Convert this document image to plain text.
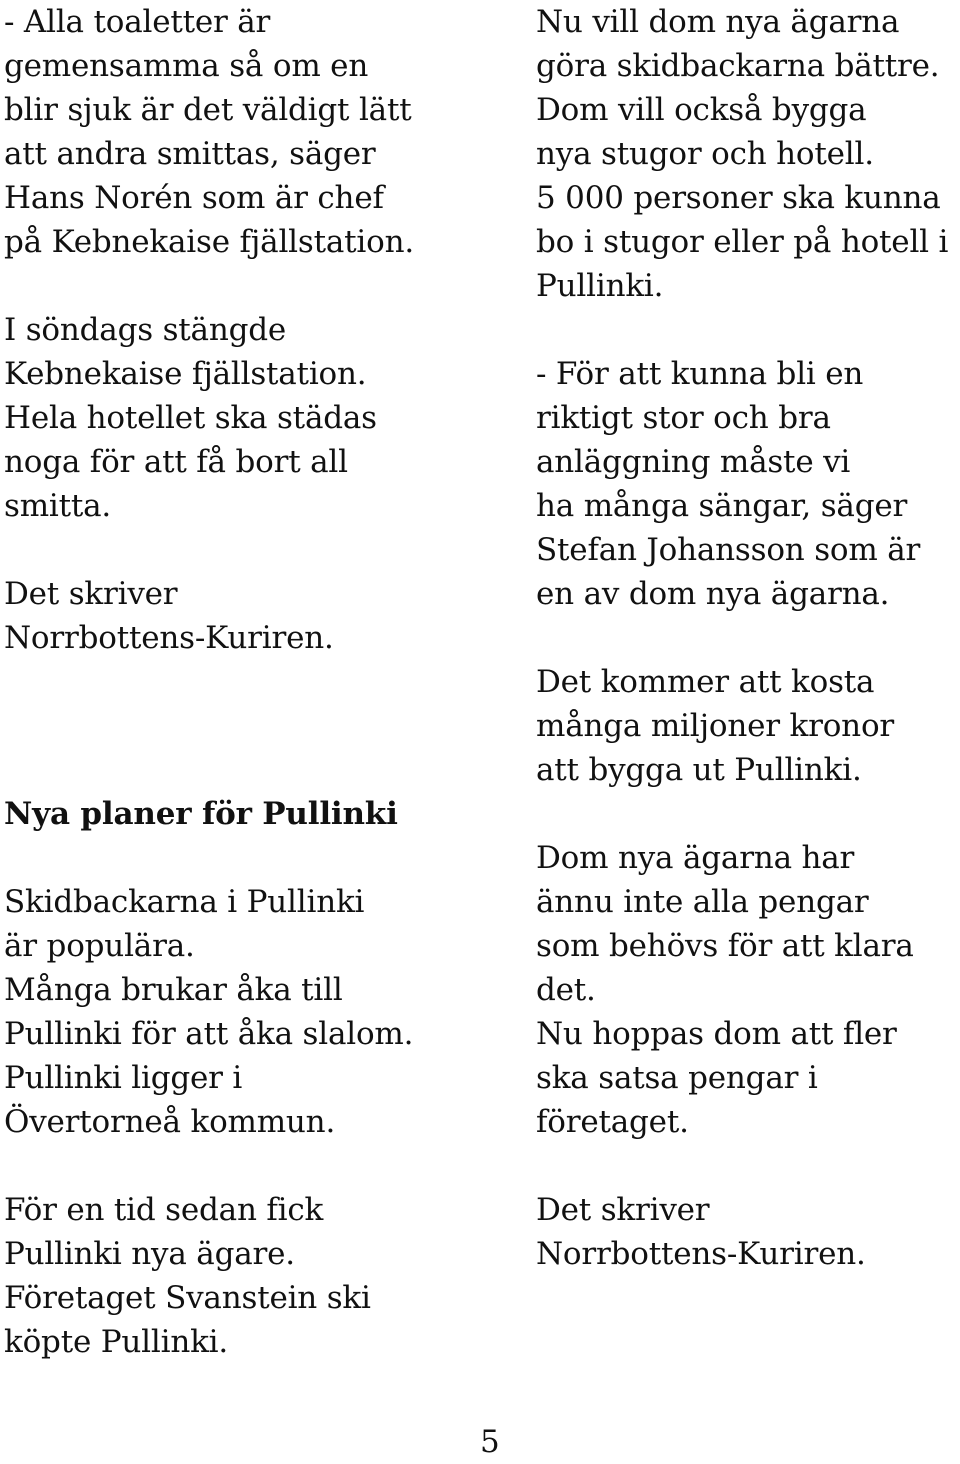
- Alla toaletter är
gemensamma så om en
blir sjuk är det väldigt lätt
att andra smittas, säger
Hans Norén som är chef
på Kebnekaise fjällstation.
I söndags stängde
Kebnekaise fjällstation.
Hela hotellet ska städas
noga för att få bort all
smitta.
Det skriver
Norrbottens-Kuriren.
Nya planer för Pullinki
Skidbackarna i Pullinki
är populära.
Många brukar åka till
Pullinki för att åka slalom.
Pullinki ligger i
Övertorneå kommun.
För en tid sedan fick
Pullinki nya ägare.
Företaget Svanstein ski
köpte Pullinki.
Nu vill dom nya ägarna
göra skidbackarna bättre.
Dom vill också bygga
nya stugor och hotell.
5 000 personer ska kunna
bo i stugor eller på hotell i
Pullinki.
- För att kunna bli en
riktigt stor och bra
anläggning måste vi
ha många sängar, säger
Stefan Johansson som är
en av dom nya ägarna.
Det kommer att kosta
många miljoner kronor
att bygga ut Pullinki.
Dom nya ägarna har
ännu inte alla pengar
som behövs för att klara
det.
Nu hoppas dom att fler
ska satsa pengar i
företaget.
Det skriver
Norrbottens-Kuriren.
5
